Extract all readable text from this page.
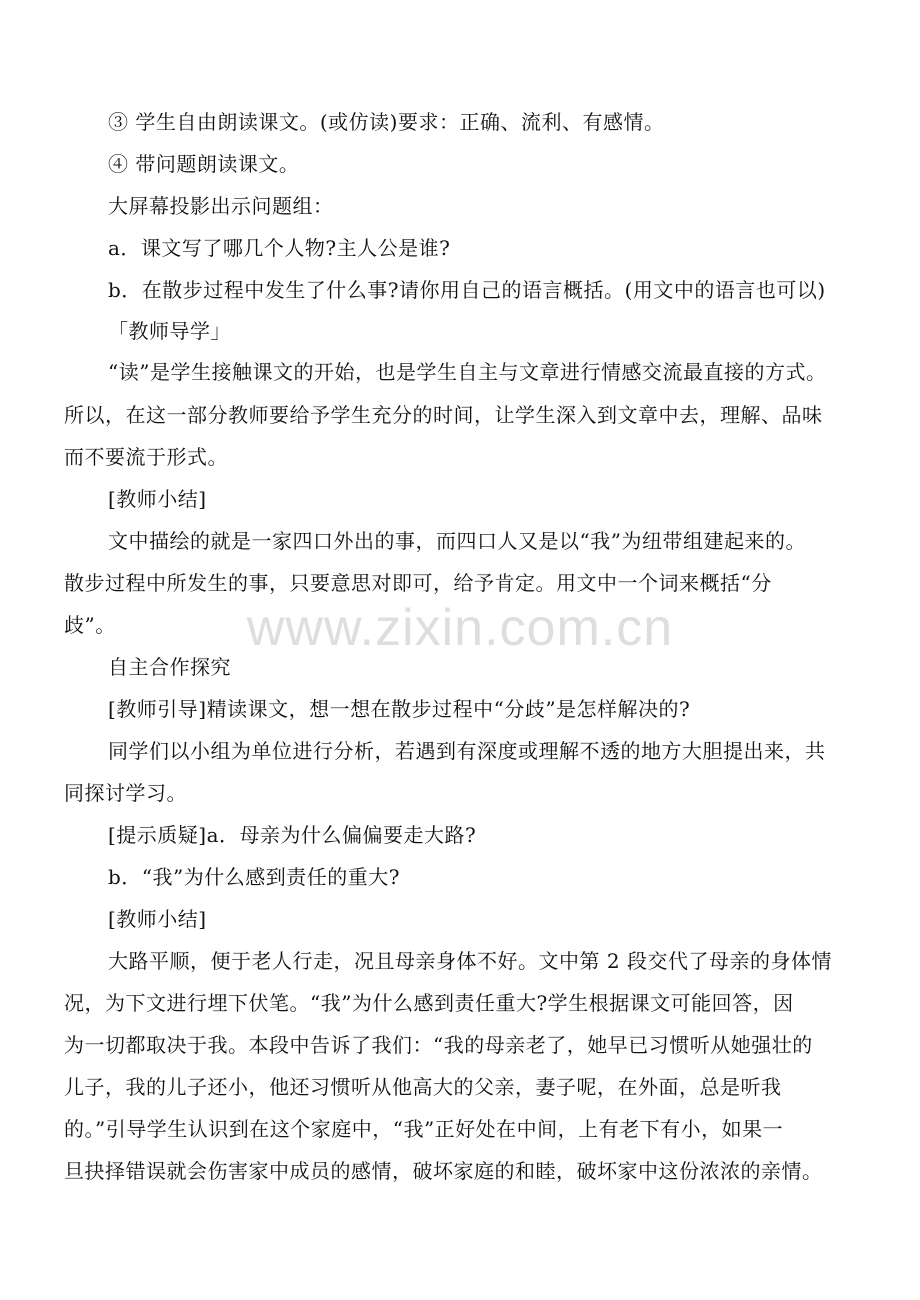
③ 学生自由朗读课文。(或仿读)要求：正确、流利、有感情。
④ 带问题朗读课文。
大屏幕投影出示问题组：
a．课文写了哪几个人物?主人公是谁?
b．在散步过程中发生了什么事?请你用自己的语言概括。(用文中的语言也可以)
「教师导学」
“读”是学生接触课文的开始，也是学生自主与文章进行情感交流最直接的方式。
所以，在这一部分教师要给予学生充分的时间，让学生深入到文章中去，理解、品味
而不要流于形式。
[教师小结]
文中描绘的就是一家四口外出的事，而四口人又是以“我”为纽带组建起来的。
散步过程中所发生的事，只要意思对即可，给予肯定。用文中一个词来概括“分
歧”。
自主合作探究
[教师引导]精读课文，想一想在散步过程中“分歧”是怎样解决的?
同学们以小组为单位进行分析，若遇到有深度或理解不透的地方大胆提出来，共
同探讨学习。
[提示质疑]a．母亲为什么偏偏要走大路?
b．“我”为什么感到责任的重大?
[教师小结]
大路平顺，便于老人行走，况且母亲身体不好。文中第 2 段交代了母亲的身体情
况，为下文进行埋下伏笔。“我”为什么感到责任重大?学生根据课文可能回答，因
为一切都取决于我。本段中告诉了我们：“我的母亲老了，她早已习惯听从她强壮的
儿子，我的儿子还小，他还习惯听从他高大的父亲，妻子呢，在外面，总是听我
的。”引导学生认识到在这个家庭中，“我”正好处在中间，上有老下有小，如果一
旦抉择错误就会伤害家中成员的感情，破坏家庭的和睦，破坏家中这份浓浓的亲情。
www.zixin.com.cn
